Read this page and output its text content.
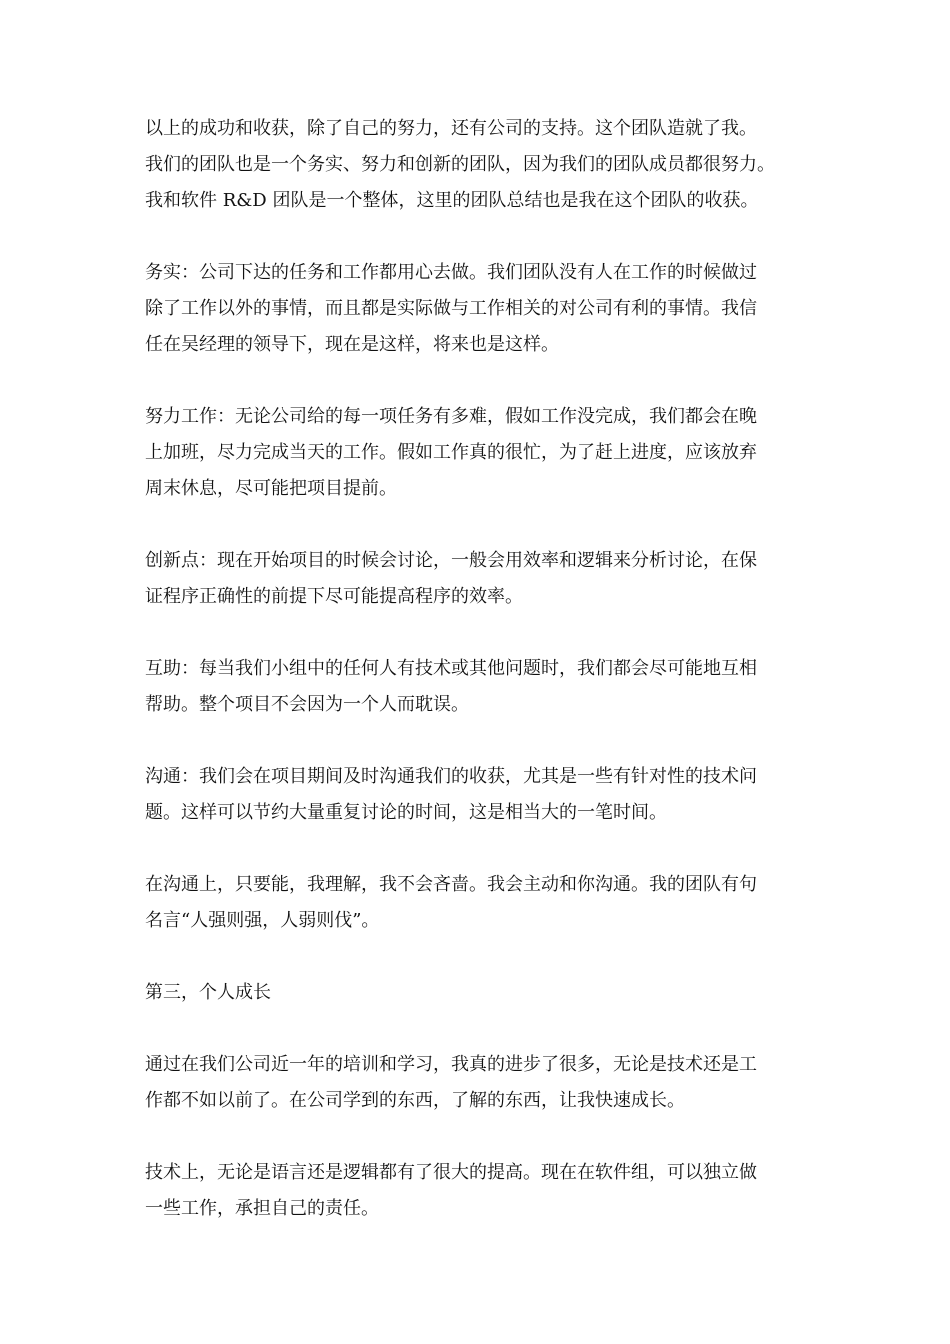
以上的成功和收获，除了自己的努力，还有公司的支持。这个团队造就了我。
我们的团队也是一个务实、努力和创新的团队，因为我们的团队成员都很努力。
我和软件 R&D 团队是一个整体，这里的团队总结也是我在这个团队的收获。
务实：公司下达的任务和工作都用心去做。我们团队没有人在工作的时候做过
除了工作以外的事情，而且都是实际做与工作相关的对公司有利的事情。我信
任在吴经理的领导下，现在是这样，将来也是这样。
努力工作：无论公司给的每一项任务有多难，假如工作没完成，我们都会在晚
上加班，尽力完成当天的工作。假如工作真的很忙，为了赶上进度，应该放弃
周末休息，尽可能把项目提前。
创新点：现在开始项目的时候会讨论，一般会用效率和逻辑来分析讨论，在保
证程序正确性的前提下尽可能提高程序的效率。
互助：每当我们小组中的任何人有技术或其他问题时，我们都会尽可能地互相
帮助。整个项目不会因为一个人而耽误。
沟通：我们会在项目期间及时沟通我们的收获，尤其是一些有针对性的技术问
题。这样可以节约大量重复讨论的时间，这是相当大的一笔时间。
在沟通上，只要能，我理解，我不会吝啬。我会主动和你沟通。我的团队有句
名言“人强则强，人弱则伐”。
第三，个人成长
通过在我们公司近一年的培训和学习，我真的进步了很多，无论是技术还是工
作都不如以前了。在公司学到的东西，了解的东西，让我快速成长。
技术上，无论是语言还是逻辑都有了很大的提高。现在在软件组，可以独立做
一些工作，承担自己的责任。
